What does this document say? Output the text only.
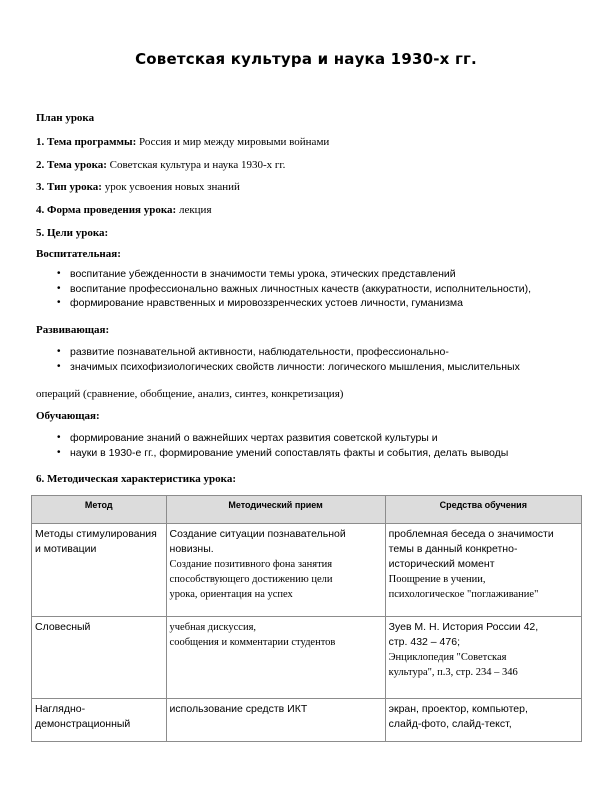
Советская культура и наука 1930-х гг.
План урока
1. Тема программы: Россия и мир между мировыми войнами
2. Тема урока: Советская культура и наука 1930-х гг.
3. Тип урока: урок усвоения новых знаний
4. Форма проведения урока: лекция
5. Цели урока:
Воспитательная:
• воспитание убежденности в значимости темы урока, этических представлений
• воспитание профессионально важных личностных качеств (аккуратности, исполнительности),
• формирование нравственных и мировоззренческих устоев личности, гуманизма
Развивающая:
• развитие познавательной активности, наблюдательности, профессионально-
• значимых психофизиологических свойств личности: логического мышления, мыслительных
операций (сравнение, обобщение, анализ, синтез, конкретизация)
Обучающая:
• формирование знаний о важнейших чертах развития советской культуры и
• науки в 1930-е гг., формирование умений сопоставлять факты и события, делать выводы
6. Методическая характеристика урока:
Метод	Методический прием	Средства обучения

Методы стимулирования
и мотивации	Создание ситуации познавательной
новизны.
Создание позитивного фона занятия
способствующего достижению цели
урока, ориентация на успех	проблемная беседа о значимости
темы в данный конкретно-
исторический момент
Поощрение в учении,
психологическое "поглаживание"

Словесный	учебная дискуссия,
сообщения и комментарии студентов	Зуев М. Н. История России 42,
стр. 432 – 476;
Энциклопедия "Советская
культура", п.3, стр. 234 – 346

Наглядно-
демонстрационный	использование средств ИКТ	экран, проектор, компьютер,
слайд-фото, слайд-текст,
